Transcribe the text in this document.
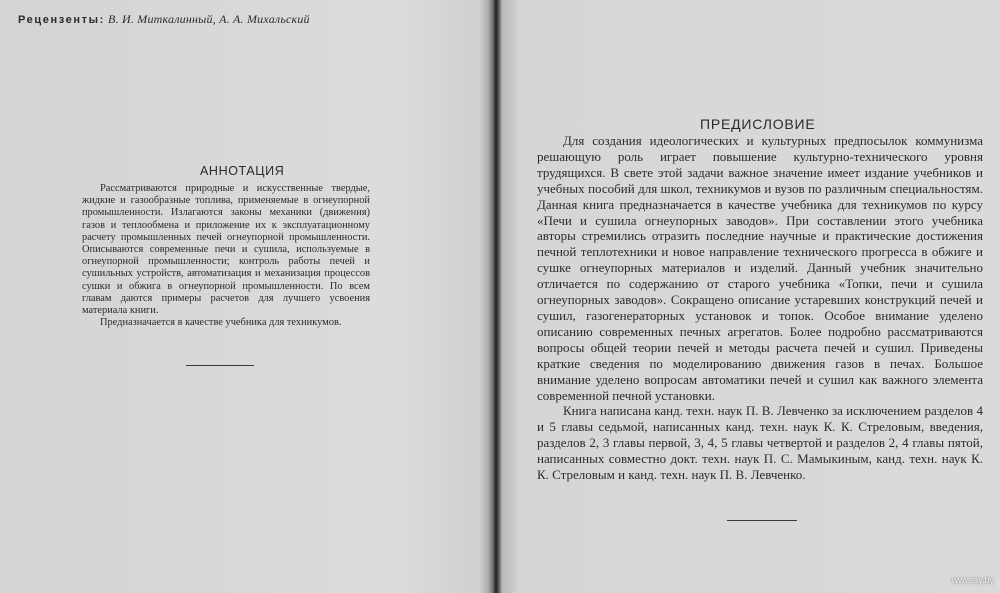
Рецензенты: В. И. Миткалинный, А. А. Михальский
АННОТАЦИЯ

Рассматриваются природные и искусственные твердые, жидкие и газообразные топлива, применяемые в огнеупорной промышленности. Излагаются законы механики (движения) газов и теплообмена и приложение их к эксплуатационному расчету промышленных печей огнеупорной промышленности. Описываются современные печи и сушила, используемые в огнеупорной промышленности; контроль работы печей и сушильных устройств, автоматизация и механизация процессов сушки и обжига в огнеупорной промышленности. По всем главам даются примеры расчетов для лучшего усвоения материала книги.

Предназначается в качестве учебника для техникумов.

ПРЕДИСЛОВИЕ

Для создания идеологических и культурных предпосылок коммунизма решающую роль играет повышение культурно-технического уровня трудящихся. В свете этой задачи важное значение имеет издание учебников и учебных пособий для школ, техникумов и вузов по различным специальностям. Данная книга предназначается в качестве учебника для техникумов по курсу «Печи и сушила огнеупорных заводов». При составлении этого учебника авторы стремились отразить последние научные и практические достижения печной теплотехники и новое направление технического прогресса в обжиге и сушке огнеупорных материалов и изделий. Данный учебник значительно отличается по содержанию от старого учебника «Топки, печи и сушила огнеупорных заводов». Сокращено описание устаревших конструкций печей и сушил, газогенераторных установок и топок. Особое внимание уделено описанию современных печных агрегатов. Более подробно рассматриваются вопросы общей теории печей и методы расчета печей и сушил. Приведены краткие сведения по моделированию движения газов в печах. Большое внимание уделено вопросам автоматики печей и сушил как важного элемента современной печной установки.

Книга написана канд. техн. наук П. В. Левченко за исключением разделов 4 и 5 главы седьмой, написанных канд. техн. наук К. К. Стреловым, введения, разделов 2, 3 главы первой, 3, 4, 5 главы четвертой и разделов 2, 4 главы пятой, написанных совместно докт. техн. наук П. С. Мамыкиным, канд. техн. наук К. К. Стреловым и канд. техн. наук П. В. Левченко.

www.ay.by
